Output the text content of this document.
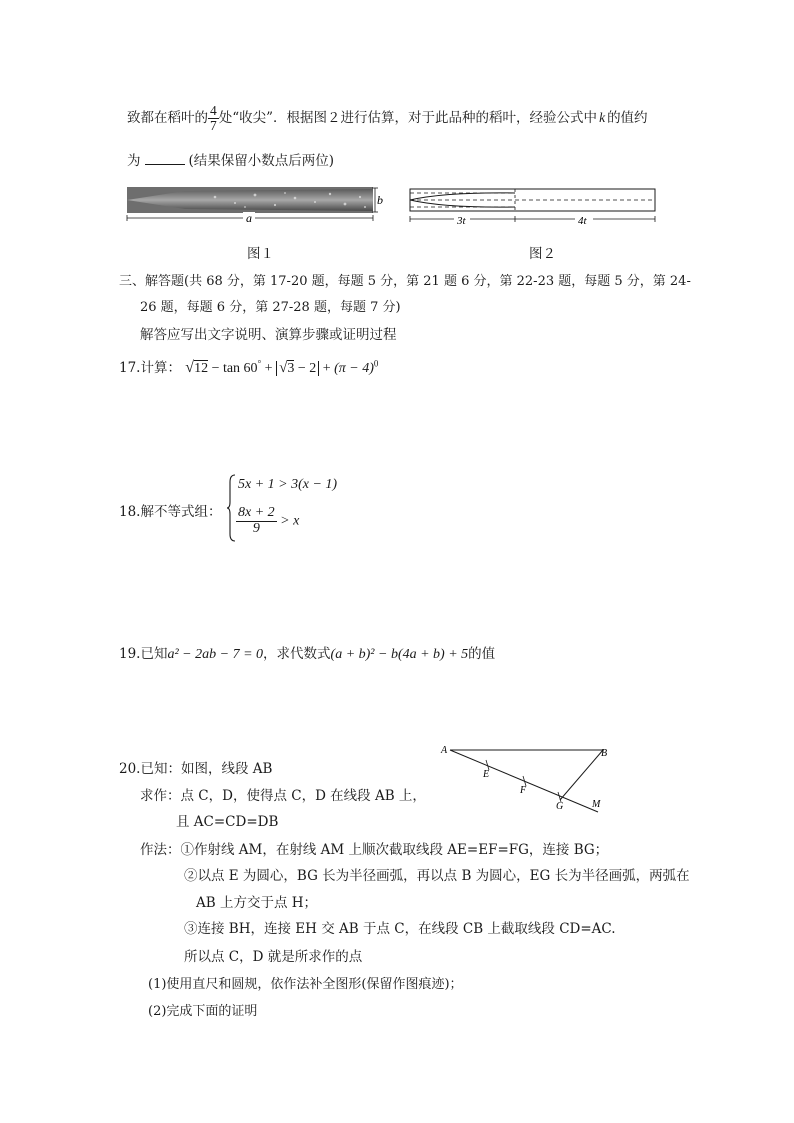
致都在稻叶的 $\frac{4}{7}$ 处“收尖”．根据图２进行估算，对于此品种的稻叶，经验公式中 k 的值约
为	(结果保留小数点后两位)
b
a
图１
3t	4t
图２
三、解答题(共 68 分，第 17-20 题，每题 5 分，第 21 题 6 分，第 22-23 题，每题 5 分，第 24-
26 题，每题 6 分，第 27-28 题，每题 7 分)
解答应写出文字说明、演算步骤或证明过程
17.计算： $√12 - \tan 60^\circ + √3 - 2 + (\pi - 4)^0$
18.解不等式组：
5x + 1 > 3(x − 1)
$\frac{8x + 2}{9} > x$
19.已知a² − 2ab − 7 = 0，求代数式(a + b)² − b(4a + b) + 5的值
20.已知：如图，线段 AB
求作：点 C，D，使得点 C，D 在线段 AB 上，
且 AC=CD=DB
作法：①作射线 AM，在射线 AM 上顺次截取线段 AE=EF=FG，连接 BG；
②以点 E 为圆心，BG 长为半径画弧，再以点 B 为圆心，EG 长为半径画弧，两弧在
AB 上方交于点 H；
③连接 BH，连接 EH 交 AB 于点 C，在线段 CB 上截取线段 CD=AC.
所以点 C，D 就是所求作的点
(1)使用直尺和圆规，依作法补全图形(保留作图痕迹)；
(2)完成下面的证明
A	B
E
F
G	M
